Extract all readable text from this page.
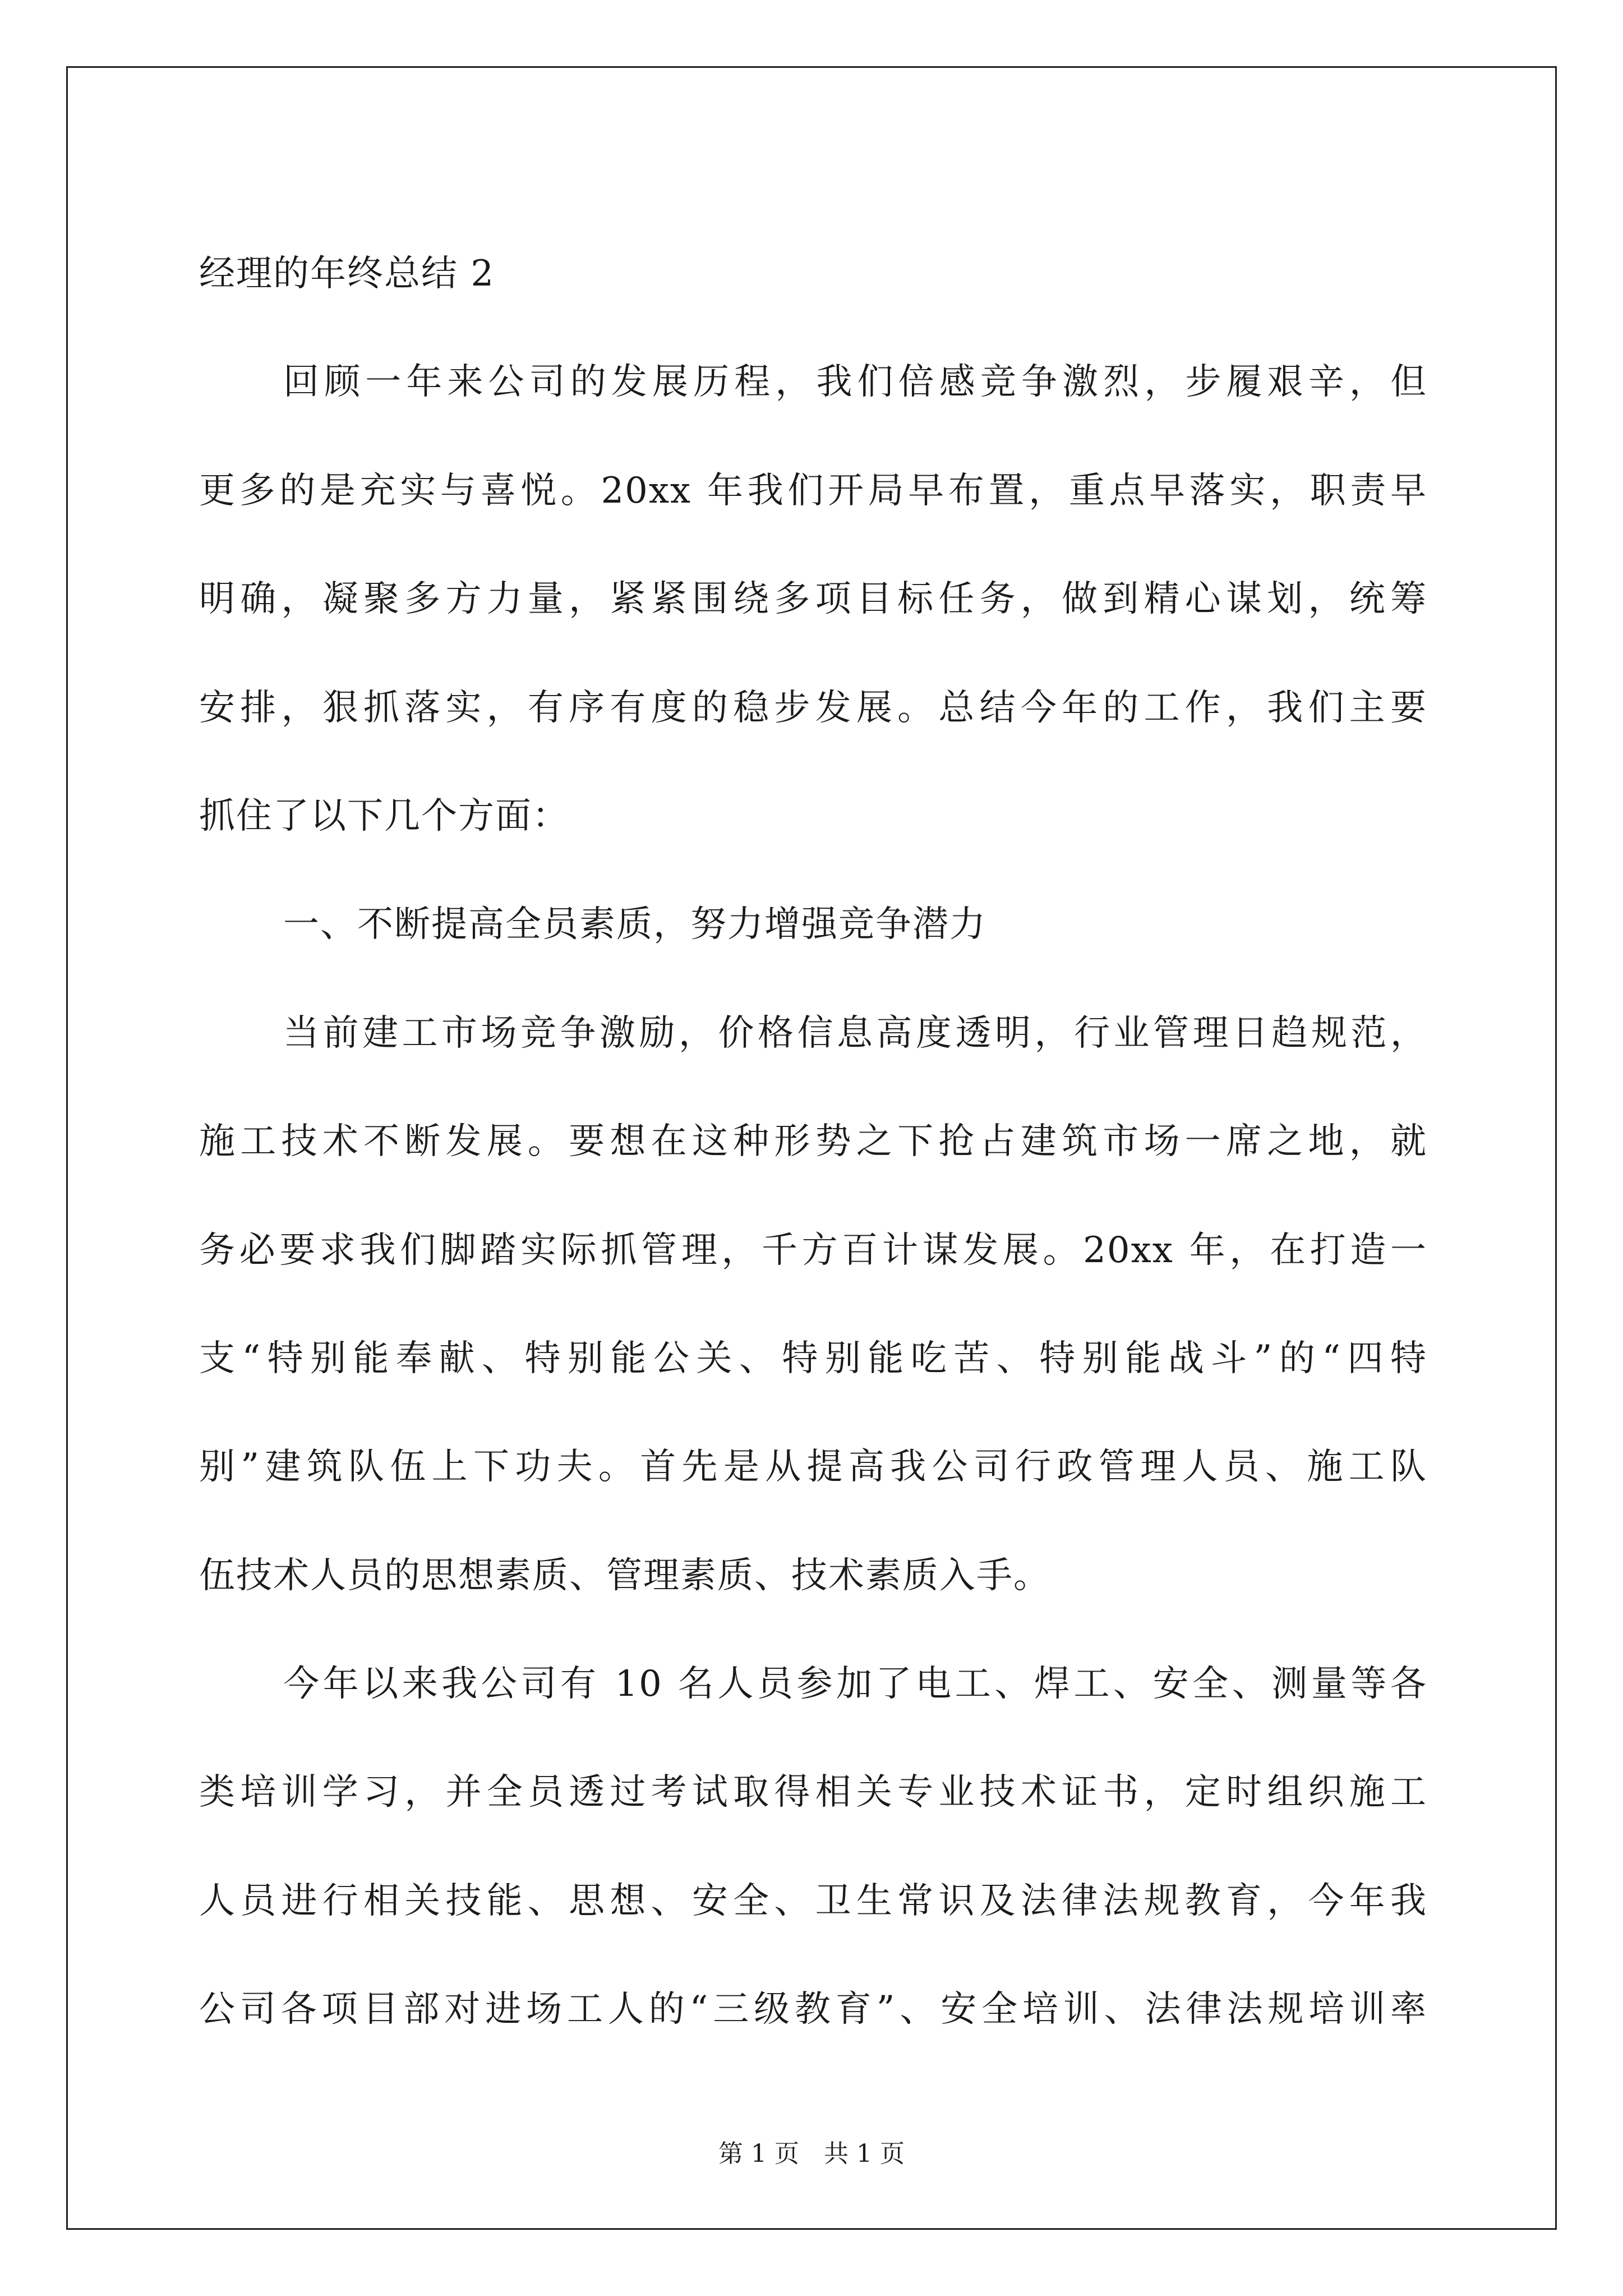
经理的年终总结 2
回顾一年来公司的发展历程，我们倍感竞争激烈，步履艰辛，但
更多的是充实与喜悦。20xx 年我们开局早布置，重点早落实，职责早
明确，凝聚多方力量，紧紧围绕多项目标任务，做到精心谋划，统筹
安排，狠抓落实，有序有度的稳步发展。总结今年的工作，我们主要
抓住了以下几个方面：
一、不断提高全员素质，努力增强竞争潜力
当前建工市场竞争激励，价格信息高度透明，行业管理日趋规范，
施工技术不断发展。要想在这种形势之下抢占建筑市场一席之地，就
务必要求我们脚踏实际抓管理，千方百计谋发展。20xx 年，在打造一
支“特别能奉献、特别能公关、特别能吃苦、特别能战斗”的“四特
别”建筑队伍上下功夫。首先是从提高我公司行政管理人员、施工队
伍技术人员的思想素质、管理素质、技术素质入手。
今年以来我公司有 10 名人员参加了电工、焊工、安全、测量等各
类培训学习，并全员透过考试取得相关专业技术证书，定时组织施工
人员进行相关技能、思想、安全、卫生常识及法律法规教育，今年我
公司各项目部对进场工人的“三级教育”、安全培训、法律法规培训率
第 1 页 共 1 页
